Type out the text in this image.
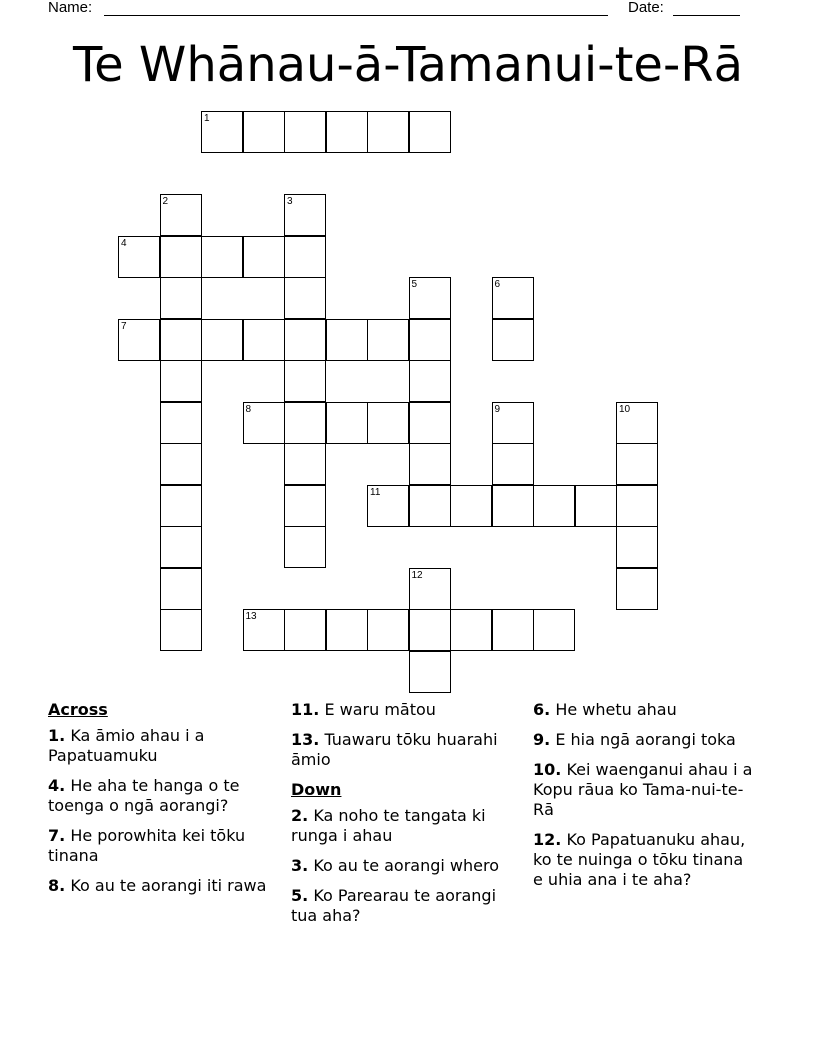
Name:	Date:
Te Whānau-ā-Tamanui-te-Rā
1
2	3
4
5	6
7
8	9	10
11
12
13
Across
1. Ka āmio ahau i a Papatuamuku
4. He aha te hanga o te toenga o ngā aorangi?
7. He porowhita kei tōku tinana
8. Ko au te aorangi iti rawa
11. E waru mātou
13. Tuawaru tōku huarahi āmio
Down
2. Ka noho te tangata ki runga i ahau
3. Ko au te aorangi whero
5. Ko Parearau te aorangi tua aha?
6. He whetu ahau
9. E hia ngā aorangi toka
10. Kei waenganui ahau i a Kopu rāua ko Tama-nui-te-Rā
12. Ko Papatuanuku ahau, ko te nuinga o tōku tinana e uhia ana i te aha?
